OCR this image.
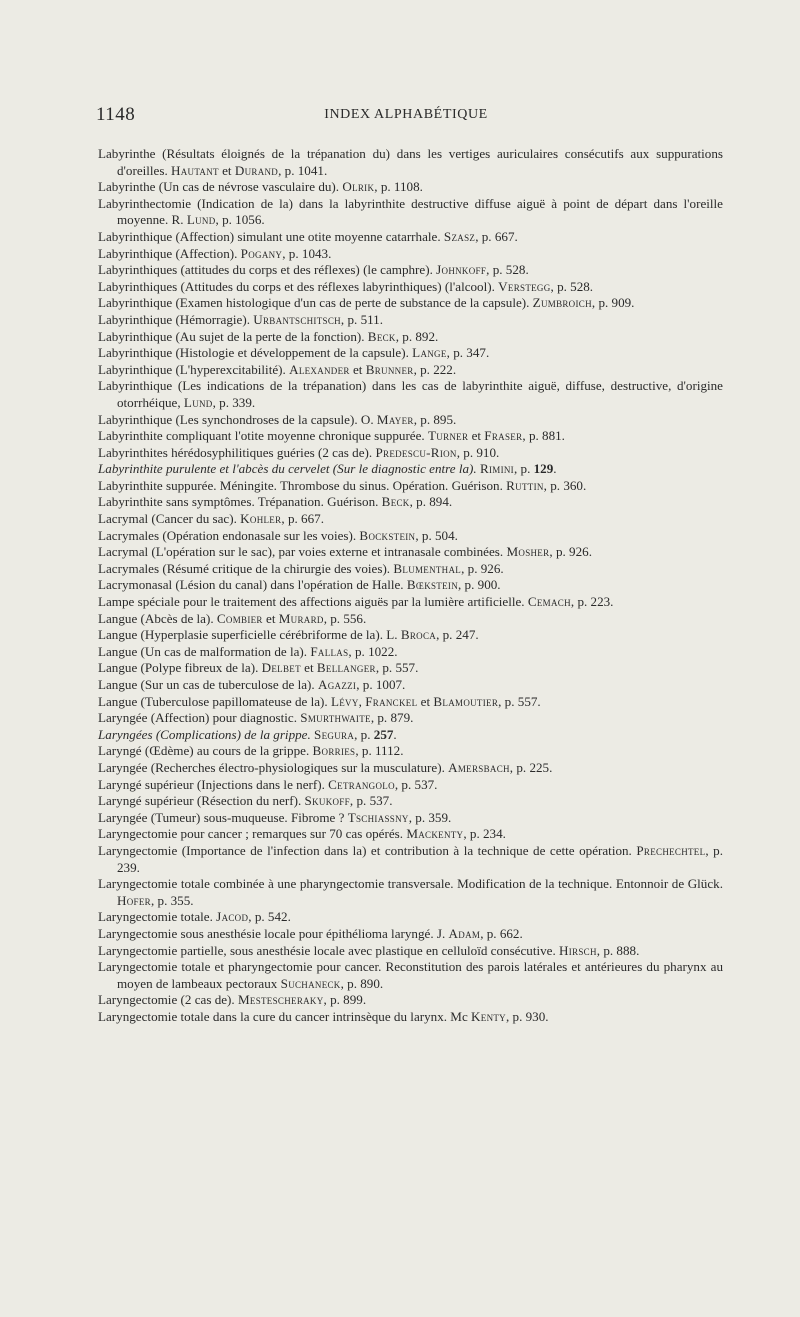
1148	INDEX ALPHABÉTIQUE

Labyrinthe (Résultats éloignés de la trépanation du) dans les vertiges auriculaires consécutifs aux suppurations d'oreilles. Hautant et Durand, p. 1041.

Labyrinthe (Un cas de névrose vasculaire du). Olrik, p. 1108.

Labyrinthectomie (Indication de la) dans la labyrinthite destructive diffuse aiguë à point de départ dans l'oreille moyenne. R. Lund, p. 1056.

Labyrinthique (Affection) simulant une otite moyenne catarrhale. Szasz, p. 667.

Labyrinthique (Affection). Pogany, p. 1043.

Labyrinthiques (attitudes du corps et des réflexes) (le camphre). Johnkoff, p. 528.

Labyrinthiques (Attitudes du corps et des réflexes labyrinthiques) (l'alcool). Verstegg, p. 528.

Labyrinthique (Examen histologique d'un cas de perte de substance de la capsule). Zumbroich, p. 909.

Labyrinthique (Hémorragie). Urbantschitsch, p. 511.

Labyrinthique (Au sujet de la perte de la fonction). Beck, p. 892.

Labyrinthique (Histologie et développement de la capsule). Lange, p. 347.

Labyrinthique (L'hyperexcitabilité). Alexander et Brunner, p. 222.

Labyrinthique (Les indications de la trépanation) dans les cas de labyrinthite aiguë, diffuse, destructive, d'origine otorrhéique, Lund, p. 339.

Labyrinthique (Les synchondroses de la capsule). O. Mayer, p. 895.

Labyrinthite compliquant l'otite moyenne chronique suppurée. Turner et Fraser, p. 881.

Labyrinthites hérédosyphilitiques guéries (2 cas de). Predescu-Rion, p. 910.

Labyrinthite purulente et l'abcès du cervelet (Sur le diagnostic entre la). Rimini, p. 129.

Labyrinthite suppurée. Méningite. Thrombose du sinus. Opération. Guérison. Ruttin, p. 360.

Labyrinthite sans symptômes. Trépanation. Guérison. Beck, p. 894.

Lacrymal (Cancer du sac). Kohler, p. 667.

Lacrymales (Opération endonasale sur les voies). Bockstein, p. 504.

Lacrymal (L'opération sur le sac), par voies externe et intranasale combinées. Mosher, p. 926.

Lacrymales (Résumé critique de la chirurgie des voies). Blumenthal, p. 926.

Lacrymonasal (Lésion du canal) dans l'opération de Halle. Bœkstein, p. 900.

Lampe spéciale pour le traitement des affections aiguës par la lumière artificielle. Cemach, p. 223.

Langue (Abcès de la). Combier et Murard, p. 556.

Langue (Hyperplasie superficielle cérébriforme de la). L. Broca, p. 247.

Langue (Un cas de malformation de la). Fallas, p. 1022.

Langue (Polype fibreux de la). Delbet et Bellanger, p. 557.

Langue (Sur un cas de tuberculose de la). Agazzi, p. 1007.

Langue (Tuberculose papillomateuse de la). Lévy, Franckel et Blamoutier, p. 557.

Laryngée (Affection) pour diagnostic. Smurthwaite, p. 879.

Laryngées (Complications) de la grippe. Segura, p. 257.

Laryngé (Œdème) au cours de la grippe. Borries, p. 1112.

Laryngée (Recherches électro-physiologiques sur la musculature). Amersbach, p. 225.

Laryngé supérieur (Injections dans le nerf). Cetrangolo, p. 537.

Laryngé supérieur (Résection du nerf). Skukoff, p. 537.

Laryngée (Tumeur) sous-muqueuse. Fibrome ? Tschiassny, p. 359.

Laryngectomie pour cancer ; remarques sur 70 cas opérés. Mackenty, p. 234.

Laryngectomie (Importance de l'infection dans la) et contribution à la technique de cette opération. Prechechtel, p. 239.

Laryngectomie totale combinée à une pharyngectomie transversale. Modification de la technique. Entonnoir de Glück. Hofer, p. 355.

Laryngectomie totale. Jacod, p. 542.

Laryngectomie sous anesthésie locale pour épithélioma laryngé. J. Adam, p. 662.

Laryngectomie partielle, sous anesthésie locale avec plastique en celluloïd consécutive. Hirsch, p. 888.

Laryngectomie totale et pharyngectomie pour cancer. Reconstitution des parois latérales et antérieures du pharynx au moyen de lambeaux pectoraux Suchaneck, p. 890.

Laryngectomie (2 cas de). Mestescheraky, p. 899.

Laryngectomie totale dans la cure du cancer intrinsèque du larynx. Mc Kenty, p. 930.
